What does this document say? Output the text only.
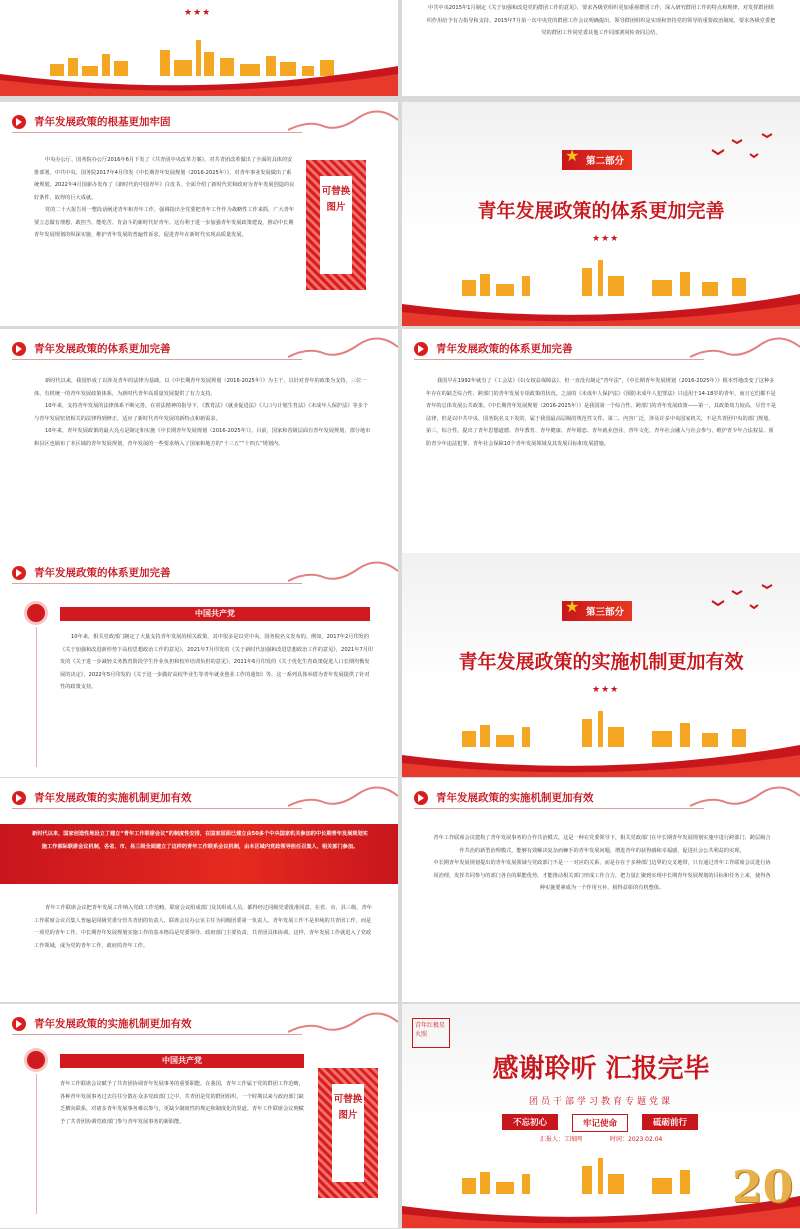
★★★	中共中央2015年1月制定《关于加强和改进党的群团工作的意见》，要求各级党组织更加重视群团工作，深入研究群团工作的特点和规律，对发挥群团组织作用给予有力指导和支持。2015年7月第一次中央党的群团工作会议明确提出，领导群团组织是实现和坚持党的领导的重要政治制度，要求各级党委把党的群团工作同党委其他工作同部署同检查同总结。

青年发展政策的根基更加牢固

中央办公厅、国务院办公厅2016年6月下发了《共青团中央改革方案》，对共青团改革做出了全面的具体的安排部署。中共中央、国务院2017年4月印发《中长期青年发展规划（2016-2025年）》，对青年事业发展做出了系统规划。2022年4月国新办发布了《新时代的中国青年》白皮书，全面介绍了新时代党和政府为青年发展创造的良好条件、取得的巨大成就。

党的二十大报告用一整段话阐述青年和青年工作，强调指出全党要把青年工作作为战略性工作来抓，广大青年要立志做有理想、敢担当、能吃苦、肯奋斗的新时代好青年。这有利于进一步加强青年发展政策建设，推动中长期青年发展规划的纵深实施，维护青年发展的普遍性诉求，促进青年在新时代实现高质量发展。

可替换图片
★ 第二部分
青年发展政策的体系更加完善
★★★
青年发展政策的体系更加完善

新时代以来，我国形成了以涉及青年的法律为基础，以《中长期青年发展规划（2016-2025年）》为主干，以针对青年的政策为支持，三位一体、有机统一的青年发展政策体系，为新时代青年高质量发展提供了有力支持。

10年来，支持青年发展的法律体系不断完善。在常法精神的指导下，《教育法》《就业促进法》《人口与计划生育法》《未成年人保护法》等多个与青年发展密切相关的法律得到修正，适应了新时代青年发展的新特点和新需求。

10年来，青年发展政策的最大亮点是制定和实施《中长期青年发展规划（2016-2025年）》。目前，国家和省级层面有青年发展规划，部分地市和县区也颁布了本区域的青年发展规划，青年发展的一些要求纳入了国家和地方的“十三五”“十四五”规划内。

青年发展政策的体系更加完善

我国早在1992年就有了《工会法》《妇女权益保障法》，但一直没有制定“青年法”，《中长期青年发展规划（2016-2025年）》根本性地改变了这种多年存在的缺乏综合性、跨部门的青年发展专项政策的状况。之前的《未成年人保护法》《预防未成年人犯罪法》只适用于14-18岁的青年，而且它们都不是青年的总体发展公共政策。《中长期青年发展规划（2016-2025年）》是我国第一个综合性、跨部门的青年发展政策——第一，其政策效力较高，尽管不是法律，但是以中共中央、国务院名义下发的，属于我国最高层级的规范性文件。第二，内容广泛，涉及许多中央国家机关，不是共青团中央的部门规划。第三，综合性，提出了青年思想道德、青年教育、青年健康、青年婚恋、青年就业创业、青年文化、青年社会融入与社会参与、维护青少年合法权益、预防青少年违法犯罪、青年社会保障10个青年发展领域及其发展目标和发展措施。

青年发展政策的体系更加完善
中国共产党

10年来，相关党政部门制定了大量支持青年发展的相关政策，其中很多是以党中央、国务院名义发布的。例如，2017年2月印发的《关于加强和改进新形势下高校思想政治工作的意见》，2021年7月印发的《关于新时代加强和改进思想政治工作的意见》，2021年7月印发的《关于进一步减轻义务教育阶段学生作业负担和校外培训负担的意见》，2021年6月印发的《关于优化生育政策促进人口长期均衡发展的决定》，2022年5月印发的《关于进一步做好高校毕业生等青年就业创业工作的通知》等。这一系列具体举措为青年发展提供了针对性的政策支持。

★ 第三部分
青年发展政策的实施机制更加有效
★★★
青年发展政策的实施机制更加有效
新时代以来，国家创造性地设立了建立“青年工作联席会议”的制度性安排，在国家层面已建立由50多个中央国家机关参加的中长期青年发展规划实施工作部际联席会议机制，各省、市、县三级全面建立了这样的青年工作联系会议机制，由本区域内党政领导担任召集人、相关部门参加。

青年工作联席会议把青年发展工作纳入党政工作范畴。联席会议组成部门及其组成人员，都得经过同级党委批准同意。在省、市、县三级，青年工作联席会议召集人普遍是同级党委分管共青团的负责人，联席会议办公室主任为同级团委第一负责人。青年发展工作不是单纯的共青团工作，而是一项党的青年工作。中长期青年发展规划实施工作的基本格局是党委领导、政府部门主要负责、共青团具体协调。这样，青年发展工作就进入了党政工作领域，成为党的青年工作、政府的青年工作。

青年发展政策的实施机制更加有效

青年工作联席会议建构了青年发展事务的合作共治模式。这是一种在党委领导下，相关党政部门在中长期青年发展规划实施中进行跨部门、跨层级合作共治的新型治理模式，能够有效解决复杂而棘手的青年发展问题，增进青年的获得感和幸福感，促进社会公共利益的实现。

中长期青年发展规划提出的青年发展领域与党政部门不是一一对应的关系，而是存在于多种部门边界的交叉地带，只有通过青年工作联席会议进行协同治理，发挥共同参与的部门各自的职能优势，才能推动相关部门形成工作合力，把力量汇聚到实现中长期青年发展规划的目标和任务上来，使得各种实施要素成为一个作用互补、相得益彰的有机整体。

青年发展政策的实施机制更加有效
中国共产党

青年工作联席会议赋予了共青团协调青年发展事务的重要职能。在我国，青年工作属于党的群团工作范畴，各种青年发展事务过去往往分散在众多党政部门之中。共青团是党的群团组织，一个时期以来与政府部门缺乏横向联系，对诸多青年发展事务难以参与，更缺少制度性的规定和制度化的渠道。青年工作联席会议则赋予了共青团协调党政部门参与青年发展事务的新职能。

可替换图片
青年红极星火照
感谢聆听 汇报完毕
团员干部学习教育专题党课
不忘初心	牢记使命	砥砺前行
汇报人：工图网	时间：2023.02.04
20
